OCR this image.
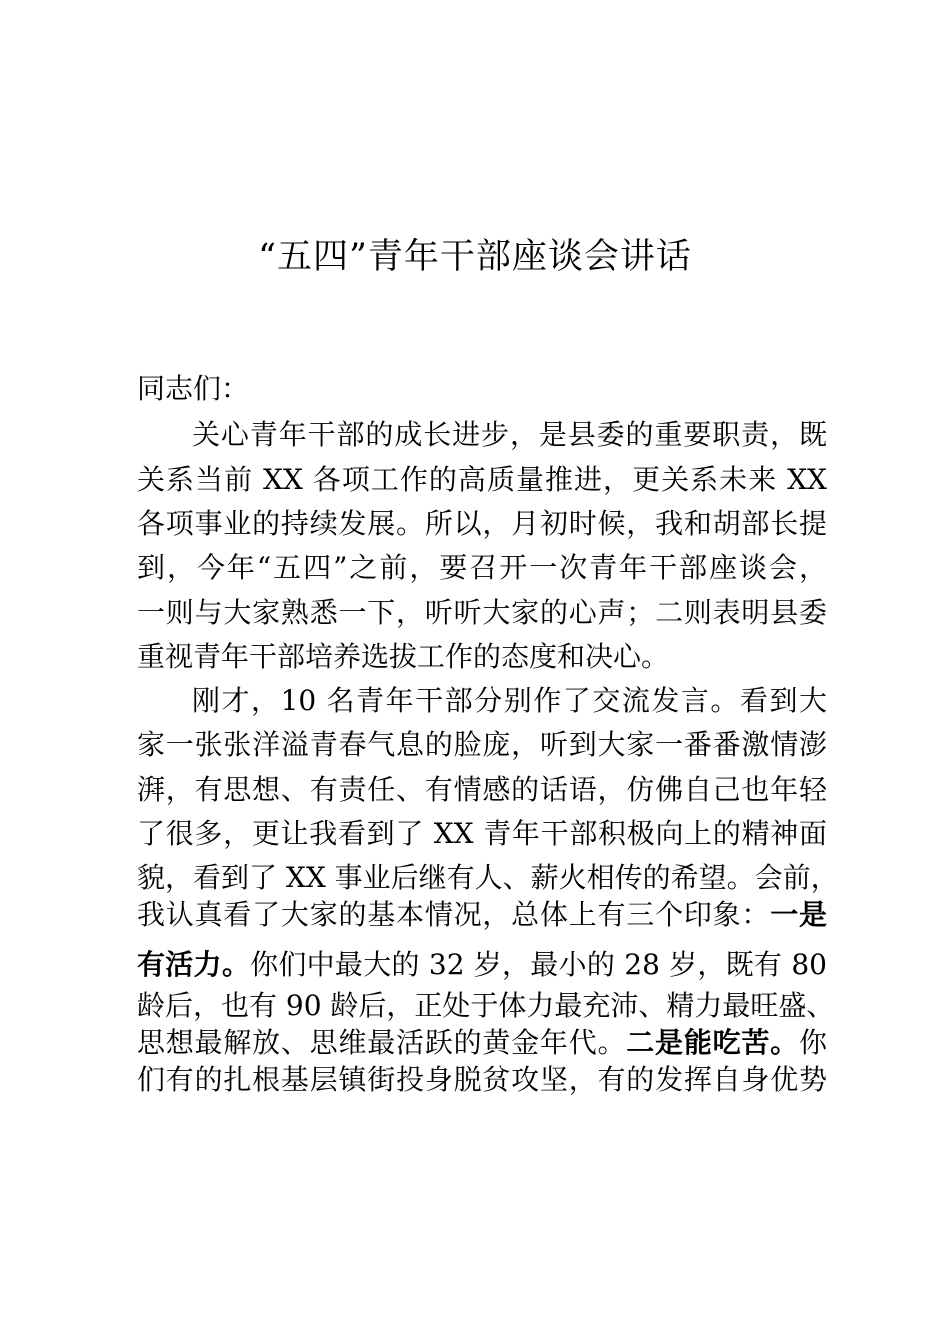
“五四”青年干部座谈会讲话
同志们：
关心青年干部的成长进步，是县委的重要职责，既
关系当前 XX 各项工作的高质量推进，更关系未来 XX
各项事业的持续发展。所以，月初时候，我和胡部长提
到，今年“五四”之前，要召开一次青年干部座谈会，
一则与大家熟悉一下，听听大家的心声；二则表明县委
重视青年干部培养选拔工作的态度和决心。
刚才，10 名青年干部分别作了交流发言。看到大
家一张张洋溢青春气息的脸庞，听到大家一番番激情澎
湃，有思想、有责任、有情感的话语，仿佛自己也年轻
了很多，更让我看到了 XX 青年干部积极向上的精神面
貌，看到了 XX 事业后继有人、薪火相传的希望。会前，
我认真看了大家的基本情况，总体上有三个印象：一是
有活力。你们中最大的 32 岁，最小的 28 岁，既有 80
龄后，也有 90 龄后，正处于体力最充沛、精力最旺盛、
思想最解放、思维最活跃的黄金年代。二是能吃苦。你
们有的扎根基层镇街投身脱贫攻坚，有的发挥自身优势
